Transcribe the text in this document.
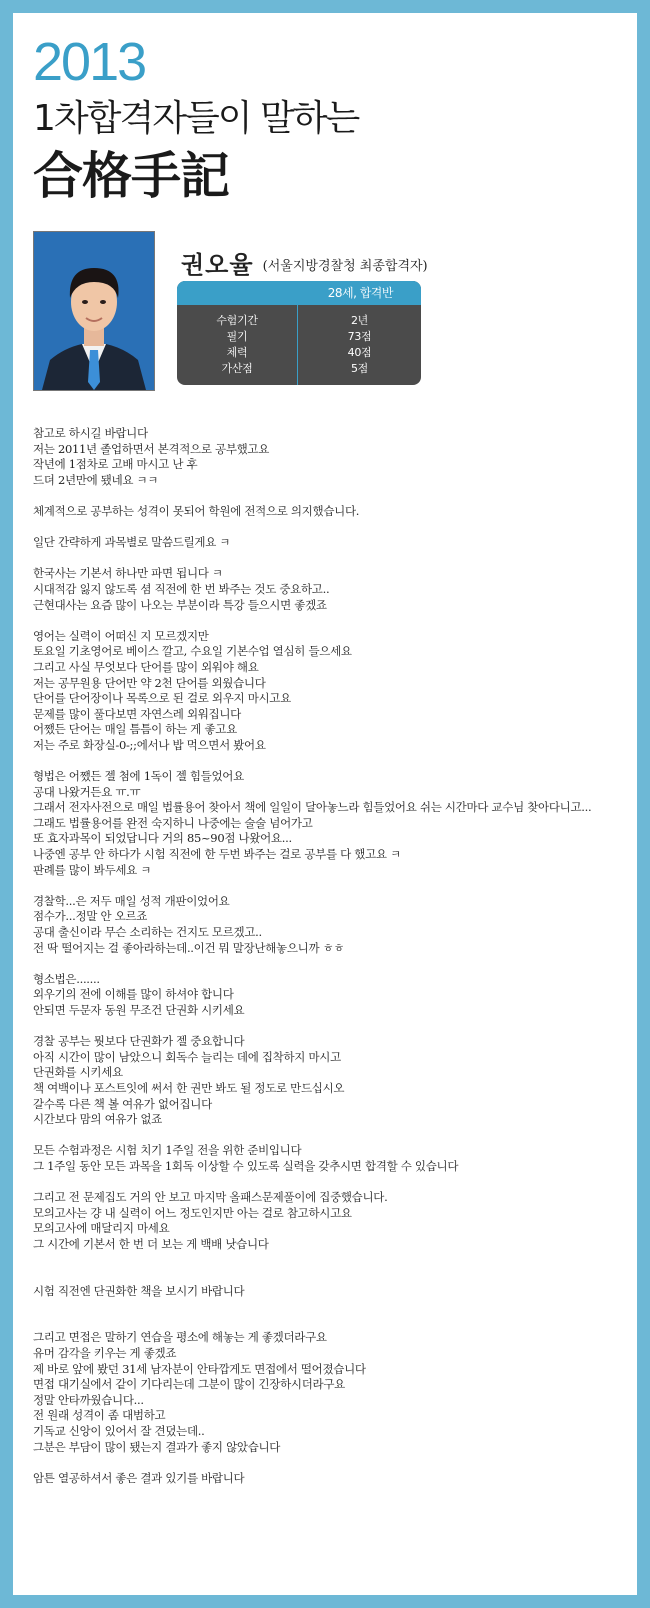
2013
1차합격자들이 말하는
合格手記
권오율 (서울지방경찰청 최종합격자)
28세, 합격반
수험기간
필기
체력
가산점
2년
73점
40점
5점
참고로 하시길 바랍니다
저는 2011년 졸업하면서 본격적으로 공부했고요
작년에 1점차로 고배 마시고 난 후
드뎌 2년만에 됐네요 ㅋㅋ
체계적으로 공부하는 성격이 못되어 학원에 전적으로 의지했습니다.
일단 간략하게 과목별로 말씀드릴게요 ㅋ
한국사는 기본서 하나만 파면 됩니다 ㅋ
시대적감 잃지 않도록 셤 직전에 한 번 봐주는 것도 중요하고..
근현대사는 요즘 많이 나오는 부분이라 특강 들으시면 좋겠죠
영어는 실력이 어떠신 지 모르겠지만
토요일 기초영어로 베이스 깔고, 수요일 기본수업 열심히 들으세요
그리고 사실 무엇보다 단어를 많이 외워야 해요
저는 공무원용 단어만 약 2천 단어를 외웠습니다
단어를 단어장이나 목록으로 된 걸로 외우지 마시고요
문제를 많이 풀다보면 자연스레 외워집니다
어쨌든 단어는 매일 틈틈이 하는 게 좋고요
저는 주로 화장실-0-;;에서나 밥 먹으면서 봤어요
형법은 어쨌든 젤 첨에 1독이 젤 힘들었어요
공대 나왔거든요 ㅠ.ㅠ
그래서 전자사전으로 매일 법률용어 찾아서 책에 일일이 달아놓느라 힘들었어요 쉬는 시간마다 교수님 찾아다니고...
그래도 법률용어를 완전 숙지하니 나중에는 술술 넘어가고
또 효자과목이 되었답니다 거의 85~90점 나왔어요...
나중엔 공부 안 하다가 시험 직전에 한 두번 봐주는 걸로 공부를 다 했고요 ㅋ
판례를 많이 봐두세요 ㅋ
경찰학...은 저두 매일 성적 개판이었어요
점수가...정말 안 오르죠
공대 출신이라 무슨 소리하는 건지도 모르겠고..
전 딱 떨어지는 걸 좋아라하는데..이건 뭐 말장난해놓으니까 ㅎㅎ
형소법은.......
외우기의 전에 이해를 많이 하셔야 합니다
안되면 두문자 동원 무조건 단권화 시키세요
경찰 공부는 뭣보다 단권화가 젤 중요합니다
아직 시간이 많이 남았으니 회독수 늘리는 데에 집착하지 마시고
단권화를 시키세요
책 여백이나 포스트잇에 써서 한 권만 봐도 될 정도로 만드십시오
갈수록 다른 책 볼 여유가 없어집니다
시간보다 맘의 여유가 없죠
모든 수험과정은 시험 치기 1주일 전을 위한 준비입니다
그 1주일 동안 모든 과목을 1회독 이상할 수 있도록 실력을 갖추시면 합격할 수 있습니다
그리고 전 문제집도 거의 안 보고 마지막 올패스문제풀이에 집중했습니다.
모의고사는 걍 내 실력이 어느 정도인지만 아는 걸로 참고하시고요
모의고사에 매달리지 마세요
그 시간에 기본서 한 번 더 보는 게 백배 낫습니다
시험 직전엔 단권화한 책을 보시기 바랍니다
그리고 면접은 말하기 연습을 평소에 해놓는 게 좋겠더라구요
유머 감각을 키우는 게 좋겠죠
제 바로 앞에 봤던 31세 남자분이 안타깝게도 면접에서 떨어졌습니다
면접 대기실에서 같이 기다리는데 그분이 많이 긴장하시더라구요
정말 안타까웠습니다...
전 원래 성격이 좀 대범하고
기독교 신앙이 있어서 잘 견뎠는데..
그분은 부담이 많이 됐는지 결과가 좋지 않았습니다
암튼 열공하셔서 좋은 결과 있기를 바랍니다
